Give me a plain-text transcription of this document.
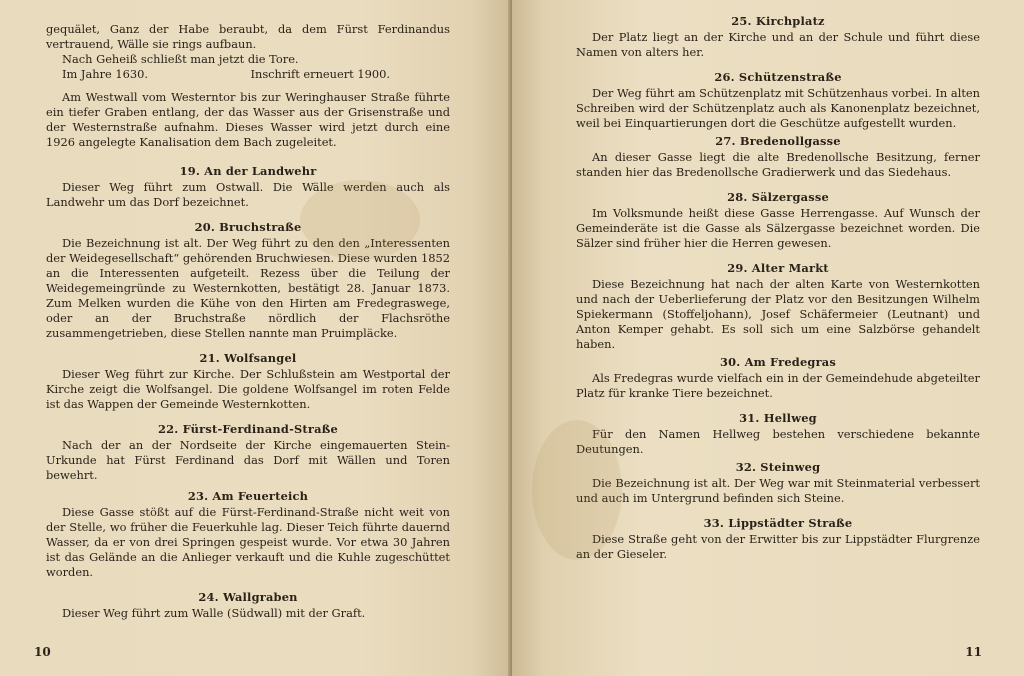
gequälet, Ganz der Habe beraubt, da dem Fürst Ferdinandus vertrauend, Wälle sie rings aufbaun.

Nach Geheiß schließt man jetzt die Tore.

Im Jahre 1630.	Inschrift erneuert 1900.

Am Westwall vom Westerntor bis zur Weringhauser Straße führte ein tiefer Graben entlang, der das Wasser aus der Grisenstraße und der Westernstraße aufnahm. Dieses Wasser wird jetzt durch eine 1926 angelegte Kanalisation dem Bach zugeleitet.

19. An der Landwehr

Dieser Weg führt zum Ostwall. Die Wälle werden auch als Landwehr um das Dorf bezeichnet.

20. Bruchstraße

Die Bezeichnung ist alt. Der Weg führt zu den den „Interessenten der Weidegesellschaft“ gehörenden Bruchwiesen. Diese wurden 1852 an die Interessenten aufgeteilt. Rezess über die Teilung der Weidegemeingründe zu Westernkotten, bestätigt 28. Januar 1873. Zum Melken wurden die Kühe von den Hirten am Fredegraswege, oder an der Bruchstraße nördlich der Flachsröthe zusammengetrieben, diese Stellen nannte man Pruimpläcke.

21. Wolfsangel

Dieser Weg führt zur Kirche. Der Schlußstein am Westportal der Kirche zeigt die Wolfsangel. Die goldene Wolfsangel im roten Felde ist das Wappen der Gemeinde Westernkotten.

22. Fürst-Ferdinand-Straße

Nach der an der Nordseite der Kirche eingemauerten Stein-Urkunde hat Fürst Ferdinand das Dorf mit Wällen und Toren bewehrt.

23. Am Feuerteich

Diese Gasse stößt auf die Fürst-Ferdinand-Straße nicht weit von der Stelle, wo früher die Feuerkuhle lag. Dieser Teich führte dauernd Wasser, da er von drei Springen gespeist wurde. Vor etwa 30 Jahren ist das Gelände an die Anlieger verkauft und die Kuhle zugeschüttet worden.

24. Wallgraben

Dieser Weg führt zum Walle (Südwall) mit der Graft.

10
25. Kirchplatz

Der Platz liegt an der Kirche und an der Schule und führt diese Namen von alters her.

26. Schützenstraße

Der Weg führt am Schützenplatz mit Schützenhaus vorbei. In alten Schreiben wird der Schützenplatz auch als Kanonenplatz bezeichnet, weil bei Einquartierungen dort die Geschütze aufgestellt wurden.

27. Bredenollgasse

An dieser Gasse liegt die alte Bredenollsche Besitzung, ferner standen hier das Bredenollsche Gradierwerk und das Siedehaus.

28. Sälzergasse

Im Volksmunde heißt diese Gasse Herrengasse. Auf Wunsch der Gemeinderäte ist die Gasse als Sälzergasse bezeichnet worden. Die Sälzer sind früher hier die Herren gewesen.

29. Alter Markt

Diese Bezeichnung hat nach der alten Karte von Westernkotten und nach der Ueberlieferung der Platz vor den Besitzungen Wilhelm Spiekermann (Stoffeljohann), Josef Schäfermeier (Leutnant) und Anton Kemper gehabt. Es soll sich um eine Salzbörse gehandelt haben.

30. Am Fredegras

Als Fredegras wurde vielfach ein in der Gemeindehude abgeteilter Platz für kranke Tiere bezeichnet.

31. Hellweg

Für den Namen Hellweg bestehen verschiedene bekannte Deutungen.

32. Steinweg

Die Bezeichnung ist alt. Der Weg war mit Steinmaterial verbessert und auch im Untergrund befinden sich Steine.

33. Lippstädter Straße

Diese Straße geht von der Erwitter bis zur Lippstädter Flurgrenze an der Gieseler.

11
